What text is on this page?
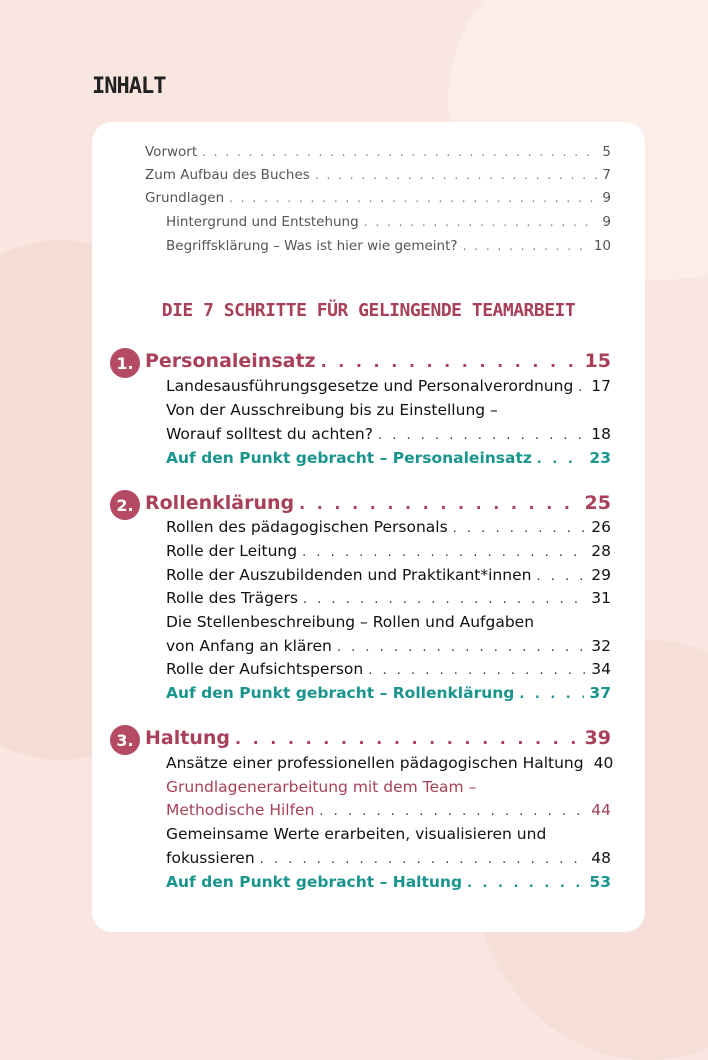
INHALT
Vorwort . . .	5
Zum Aufbau des Buches . . .	7
Grundlagen . . .	9
Hintergrund und Entstehung . . .	9
Begriffsklärung – Was ist hier wie gemeint? . . .	10
DIE 7 SCHRITTE FÜR GELINGENDE TEAMARBEIT
1. Personaleinsatz . . .	15
Landesausführungsgesetze und Personalverordnung . . . 17
Von der Ausschreibung bis zu Einstellung –
Worauf solltest du achten? . . .	18
Auf den Punkt gebracht – Personaleinsatz . . .	23
2. Rollenklärung . . .	25
Rollen des pädagogischen Personals . . .	26
Rolle der Leitung . . .	28
Rolle der Auszubildenden und Praktikant*innen . . .	29
Rolle des Trägers . . .	31
Die Stellenbeschreibung – Rollen und Aufgaben
von Anfang an klären . . .	32
Rolle der Aufsichtsperson . . .	34
Auf den Punkt gebracht – Rollenklärung . . .	37
3. Haltung . . .	39
Ansätze einer professionellen pädagogischen Haltung 40
Grundlagenerarbeitung mit dem Team –
Methodische Hilfen . . .	44
Gemeinsame Werte erarbeiten, visualisieren und
fokussieren . . .	48
Auf den Punkt gebracht – Haltung . . .	53
